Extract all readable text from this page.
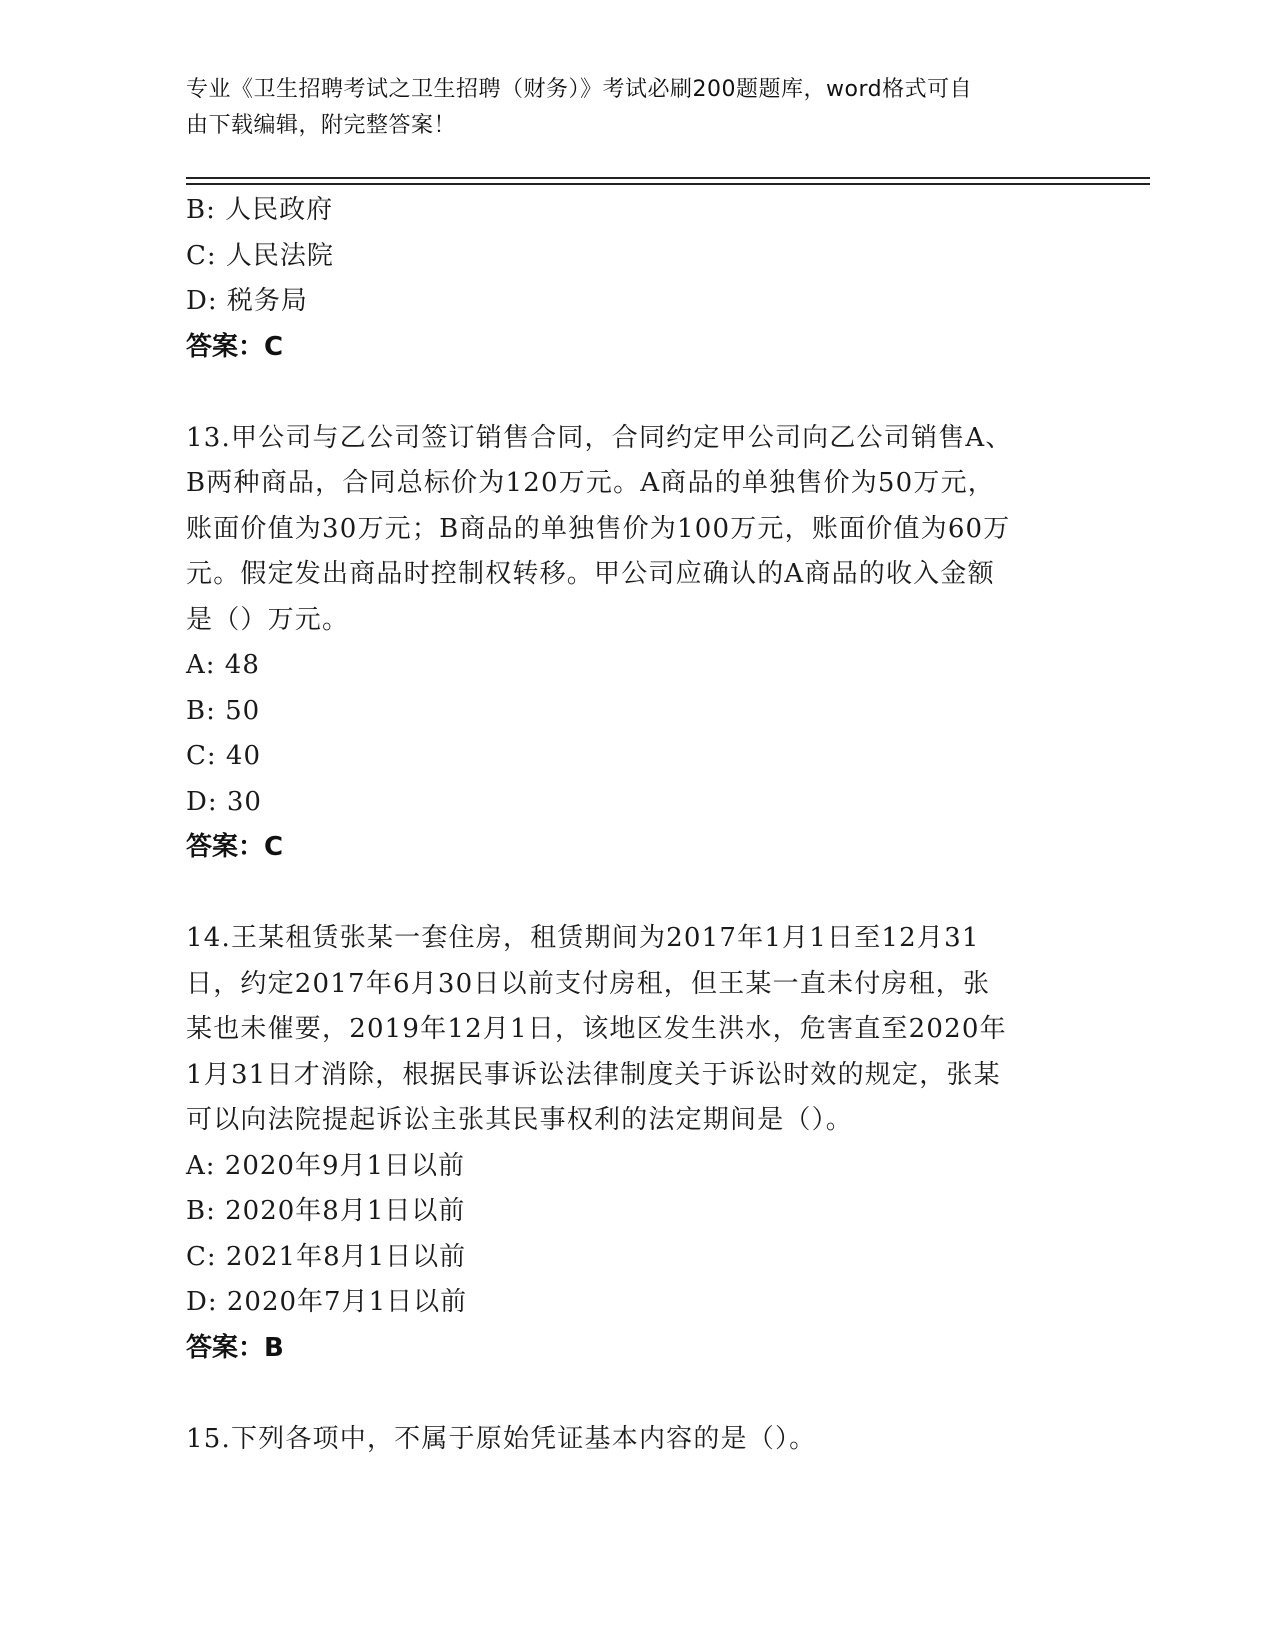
专业《卫生招聘考试之卫生招聘（财务）》考试必刷200题题库，word格式可自
由下载编辑，附完整答案！
B: 人民政府
C: 人民法院
D: 税务局
答案：C
13.甲公司与乙公司签订销售合同，合同约定甲公司向乙公司销售A、
B两种商品，合同总标价为120万元。A商品的单独售价为50万元，
账面价值为30万元；B商品的单独售价为100万元，账面价值为60万
元。假定发出商品时控制权转移。甲公司应确认的A商品的收入金额
是（）万元。
A: 48
B: 50
C: 40
D: 30
答案：C
14.王某租赁张某一套住房，租赁期间为2017年1月1日至12月31
日，约定2017年6月30日以前支付房租，但王某一直未付房租，张
某也未催要，2019年12月1日，该地区发生洪水，危害直至2020年
1月31日才消除，根据民事诉讼法律制度关于诉讼时效的规定，张某
可以向法院提起诉讼主张其民事权利的法定期间是（）。
A: 2020年9月1日以前
B: 2020年8月1日以前
C: 2021年8月1日以前
D: 2020年7月1日以前
答案：B
15.下列各项中，不属于原始凭证基本内容的是（）。
